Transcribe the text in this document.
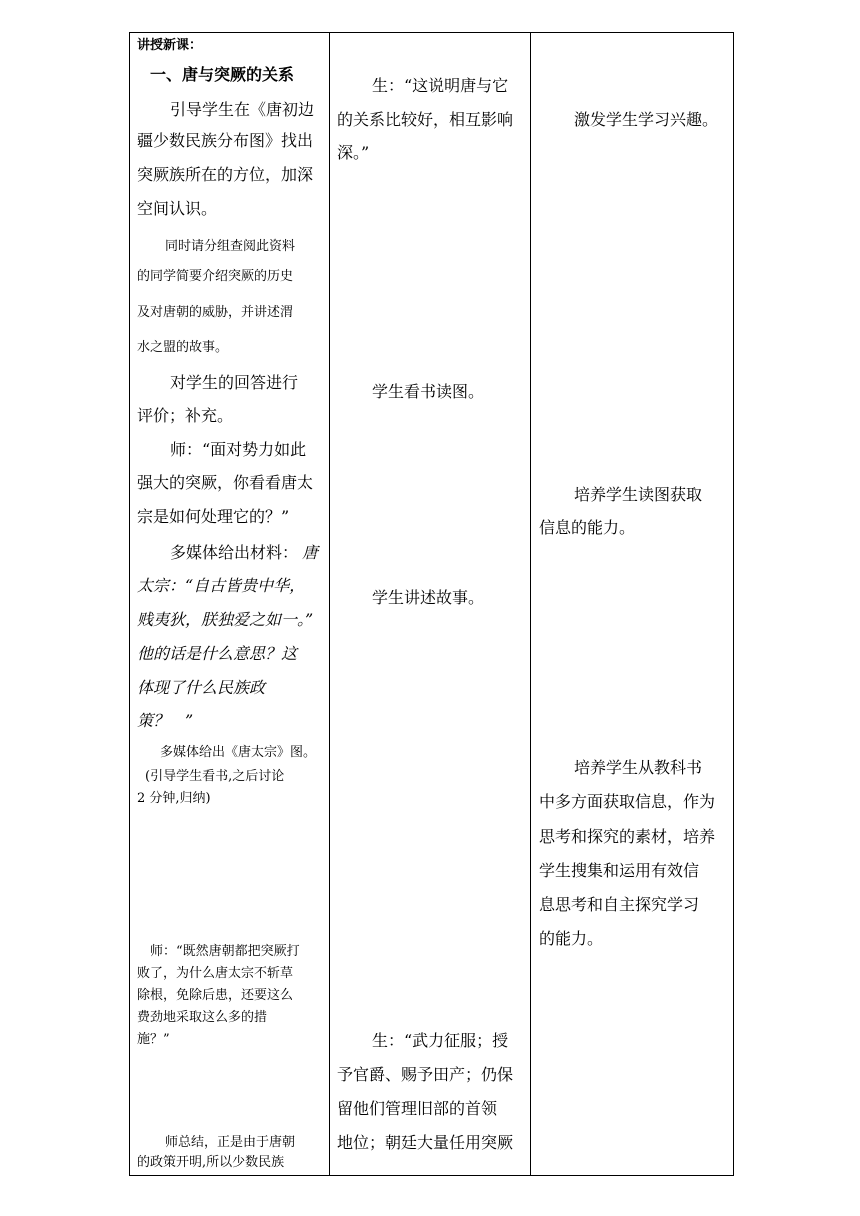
讲授新课：
一、唐与突厥的关系
引导学生在《唐初边
疆少数民族分布图》找出
突厥族所在的方位，加深
空间认识。
同时请分组查阅此资料
的同学简要介绍突厥的历史
及对唐朝的威胁，并讲述渭
水之盟的故事。
对学生的回答进行
评价；补充。
师：“面对势力如此
强大的突厥，你看看唐太
宗是如何处理它的？”
多媒体给出材料： 唐
太宗：“自古皆贵中华，
贱夷狄，朕独爱之如一。”
他的话是什么意思？这
体现了什么民族政
策？　”
多媒体给出《唐太宗》图。
(引导学生看书,之后讨论
2 分钟,归纳)
师：“既然唐朝都把突厥打
败了，为什么唐太宗不斩草
除根，免除后患，还要这么
费劲地采取这么多的措
施？”
师总结，正是由于唐朝
的政策开明,所以少数民族
生：“这说明唐与它
的关系比较好，相互影响
深。”
学生看书读图。
学生讲述故事。
生：“武力征服；授
予官爵、赐予田产；仍保
留他们管理旧部的首领
地位；朝廷大量任用突厥
激发学生学习兴趣。
培养学生读图获取
信息的能力。
培养学生从教科书
中多方面获取信息，作为
思考和探究的素材，培养
学生搜集和运用有效信
息思考和自主探究学习
的能力。
